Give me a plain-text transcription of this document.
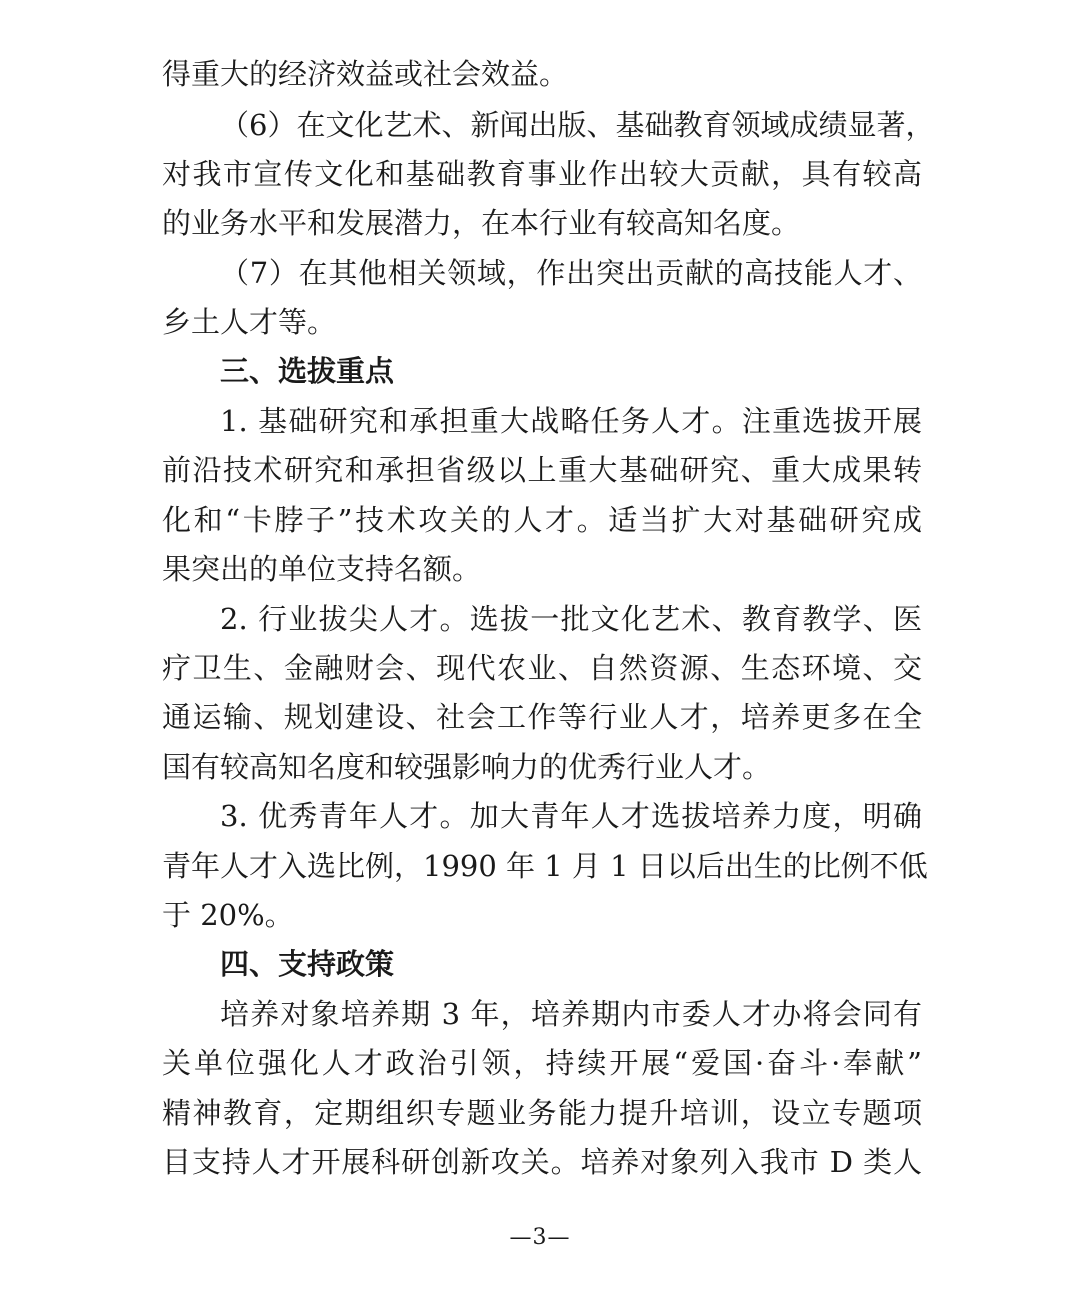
得重大的经济效益或社会效益。
（6）在文化艺术、新闻出版、基础教育领域成绩显著，
对我市宣传文化和基础教育事业作出较大贡献，具有较高
的业务水平和发展潜力，在本行业有较高知名度。
（7）在其他相关领域，作出突出贡献的高技能人才、
乡土人才等。
三、选拔重点
1. 基础研究和承担重大战略任务人才。注重选拔开展
前沿技术研究和承担省级以上重大基础研究、重大成果转
化和“卡脖子”技术攻关的人才。适当扩大对基础研究成
果突出的单位支持名额。
2. 行业拔尖人才。选拔一批文化艺术、教育教学、医
疗卫生、金融财会、现代农业、自然资源、生态环境、交
通运输、规划建设、社会工作等行业人才，培养更多在全
国有较高知名度和较强影响力的优秀行业人才。
3. 优秀青年人才。加大青年人才选拔培养力度，明确
青年人才入选比例，1990 年 1 月 1 日以后出生的比例不低
于 20%。
四、支持政策
培养对象培养期 3 年，培养期内市委人才办将会同有
关单位强化人才政治引领，持续开展“爱国·奋斗·奉献”
精神教育，定期组织专题业务能力提升培训，设立专题项
目支持人才开展科研创新攻关。培养对象列入我市 D 类人
—3—
